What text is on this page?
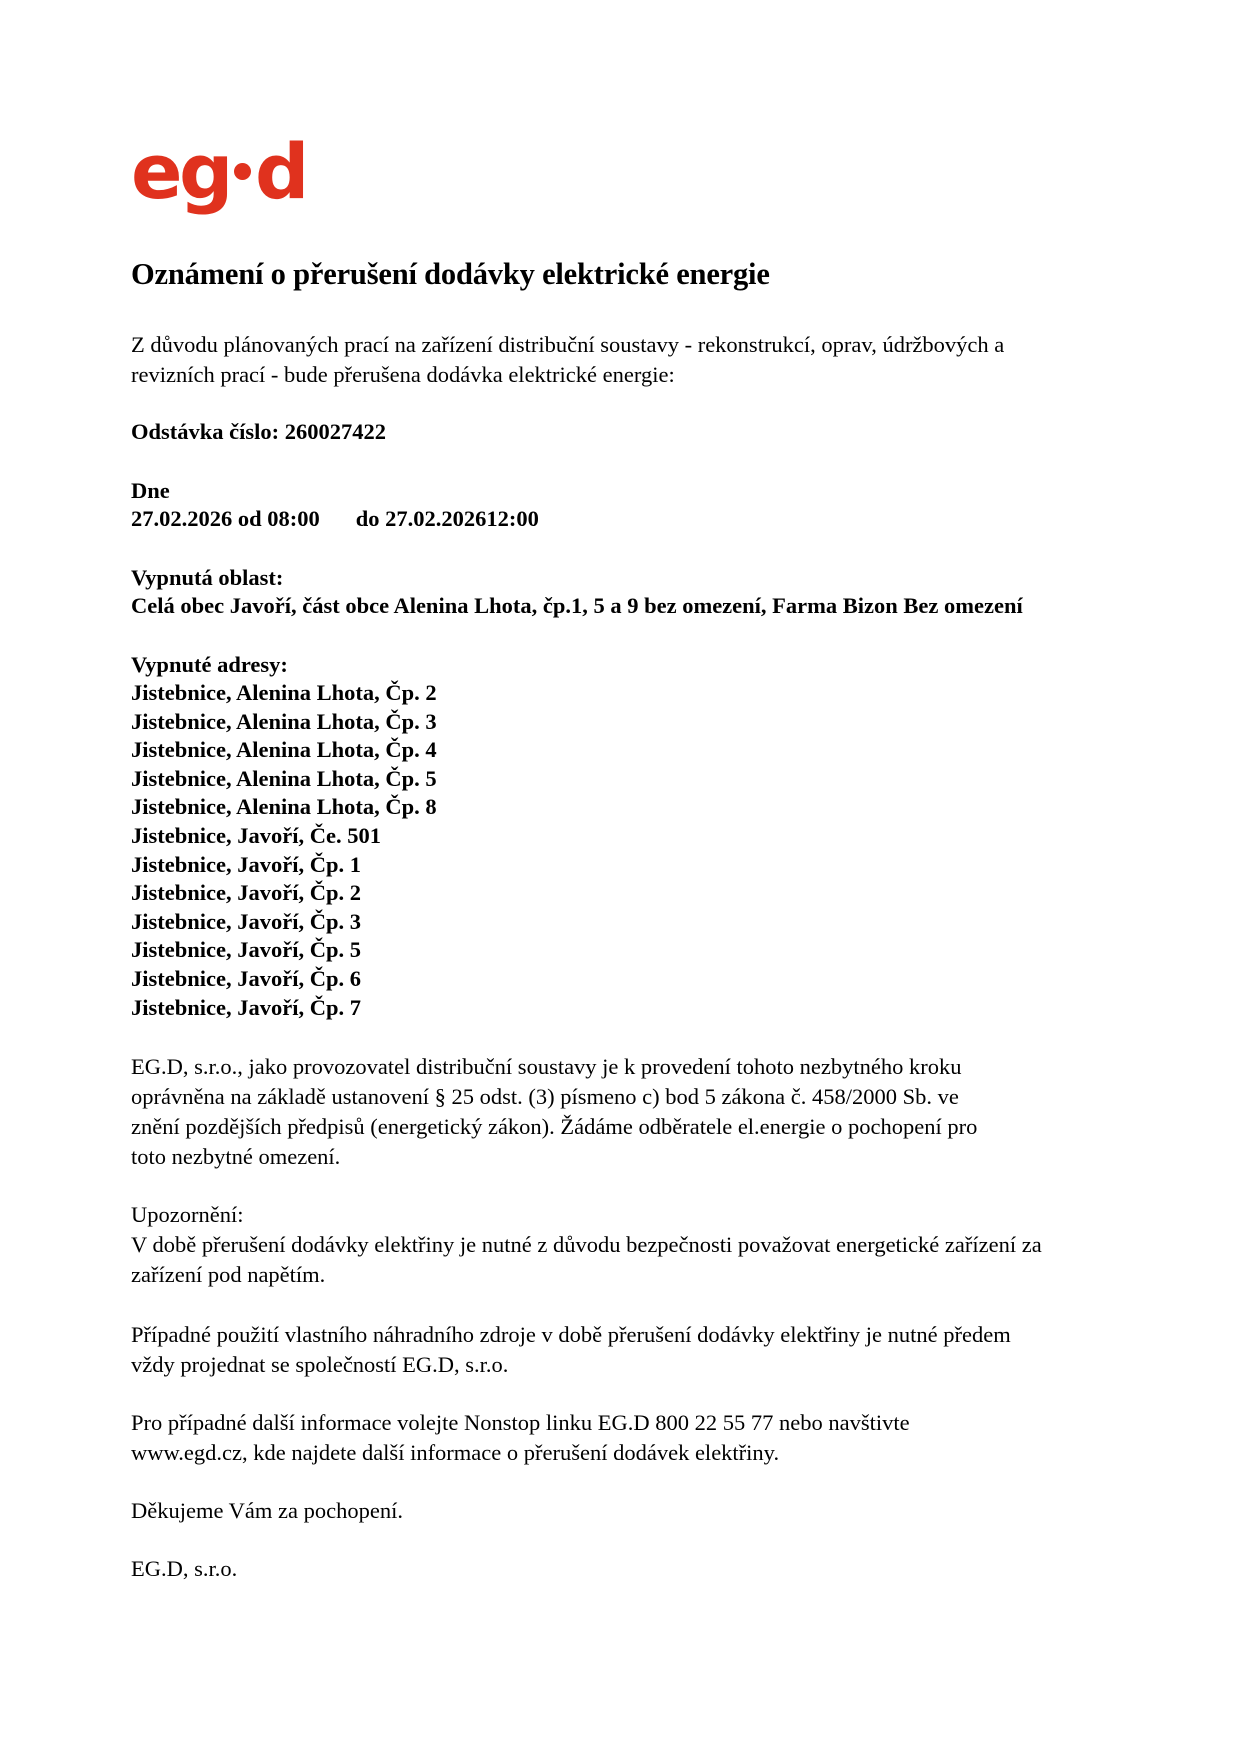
eg d
Oznámení o přerušení dodávky elektrické energie

Z důvodu plánovaných prací na zařízení distribuční soustavy - rekonstrukcí, oprav, údržbových a revizních prací - bude přerušena dodávka elektrické energie:

Odstávka číslo: 260027422
Dne
27.02.2026 od 08:00 do 27.02.202612:00
Vypnutá oblast:
Celá obec Javoří, část obce Alenina Lhota, čp.1, 5 a 9 bez omezení, Farma Bizon Bez omezení
Vypnuté adresy:
Jistebnice, Alenina Lhota, Čp. 2
Jistebnice, Alenina Lhota, Čp. 3
Jistebnice, Alenina Lhota, Čp. 4
Jistebnice, Alenina Lhota, Čp. 5
Jistebnice, Alenina Lhota, Čp. 8
Jistebnice, Javoří, Če. 501
Jistebnice, Javoří, Čp. 1
Jistebnice, Javoří, Čp. 2
Jistebnice, Javoří, Čp. 3
Jistebnice, Javoří, Čp. 5
Jistebnice, Javoří, Čp. 6
Jistebnice, Javoří, Čp. 7

EG.D, s.r.o., jako provozovatel distribuční soustavy je k provedení tohoto nezbytného kroku oprávněna na základě ustanovení § 25 odst. (3) písmeno c) bod 5 zákona č. 458/2000 Sb. ve znění pozdějších předpisů (energetický zákon). Žádáme odběratele el.energie o pochopení pro toto nezbytné omezení.

Upozornění:

V době přerušení dodávky elektřiny je nutné z důvodu bezpečnosti považovat energetické zařízení za zařízení pod napětím.

Případné použití vlastního náhradního zdroje v době přerušení dodávky elektřiny je nutné předem vždy projednat se společností EG.D, s.r.o.

Pro případné další informace volejte Nonstop linku EG.D 800 22 55 77 nebo navštivte www.egd.cz, kde najdete další informace o přerušení dodávek elektřiny.

Děkujeme Vám za pochopení.

EG.D, s.r.o.
